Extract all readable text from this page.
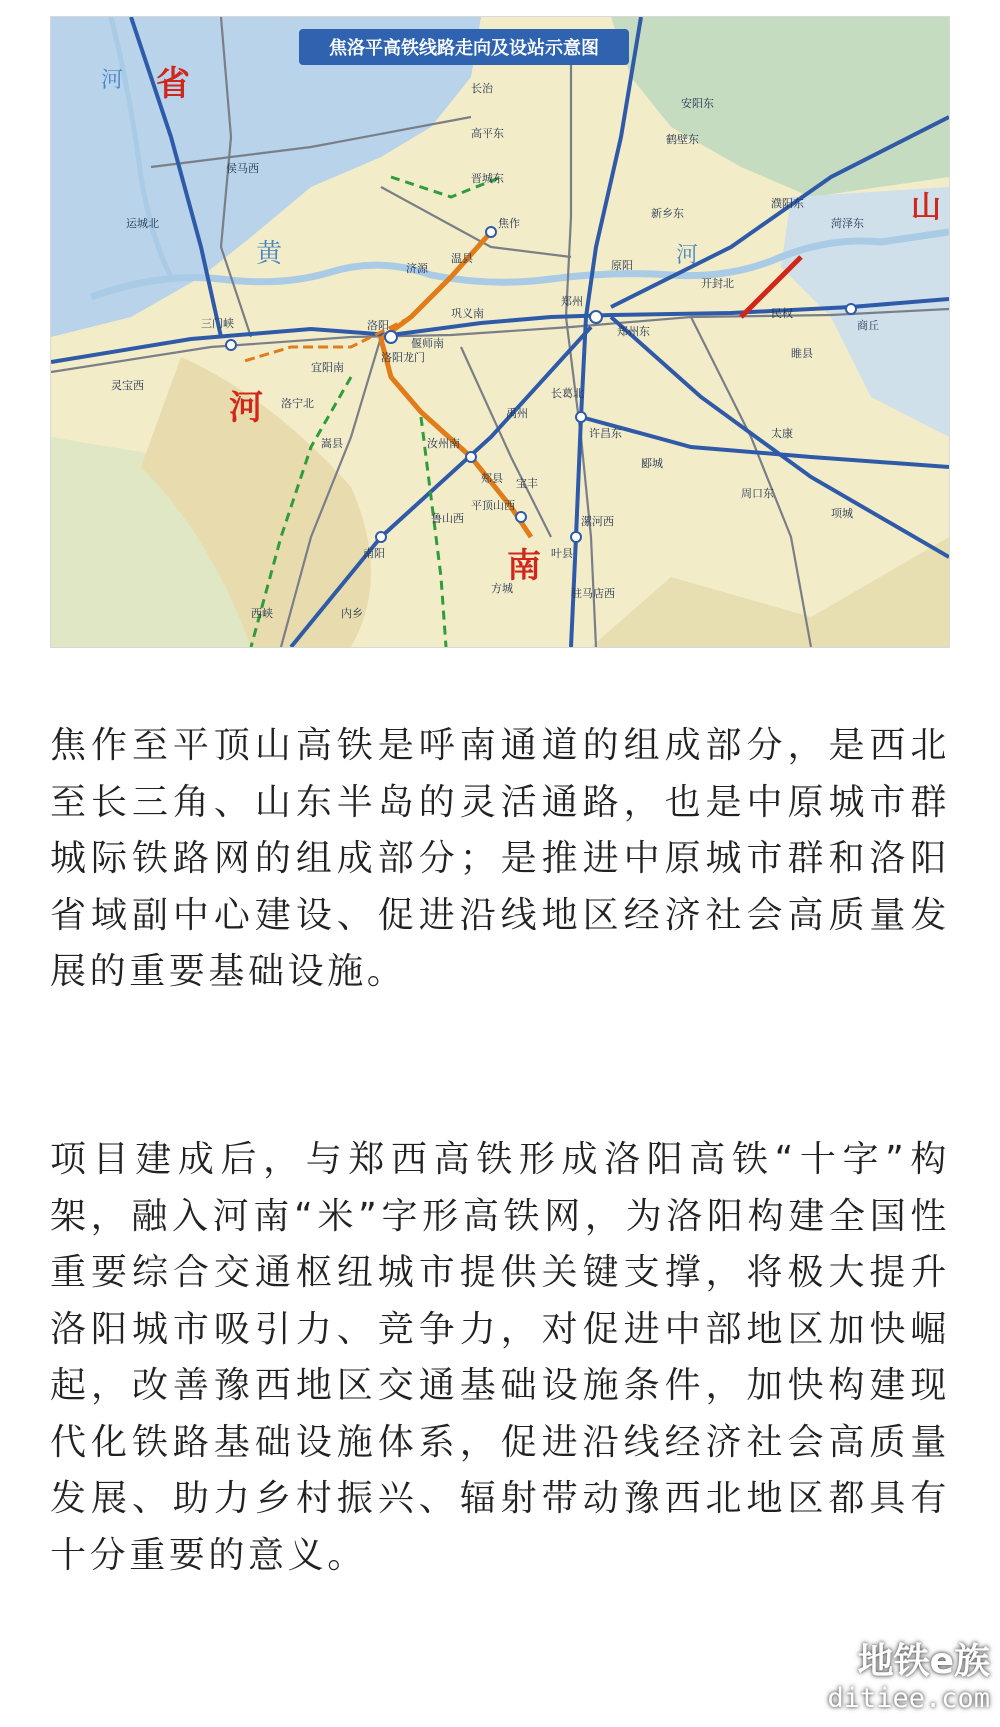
焦洛平高铁线路走向及设站示意图
省
河
南
山
黄
河
河
焦作
郑州
郑州东
洛阳
洛阳龙门
宜阳南
汝州南
平顶山西
许昌东
新乡东
安阳东
鹤壁东
三门峡
灵宝西
开封北
商丘
南阳
驻马店西
漯河西
周口东
巩义南
偃师南
洛宁北
嵩县
济源
温县
原阳
长葛北
禹州
郏县 宝丰
叶县
鲁山西
方城
西峡	内乡
侯马西
运城北
高平东
晋城东
长治
濮阳东
菏泽东
郾城
项城
太康
睢县
民权

焦作至平顶山高铁是呼南通道的组成部分，是西北至长三角、山东半岛的灵活通路，也是中原城市群城际铁路网的组成部分；是推进中原城市群和洛阳省域副中心建设、促进沿线地区经济社会高质量发展的重要基础设施。

项目建成后，与郑西高铁形成洛阳高铁“十字”构架，融入河南“米”字形高铁网，为洛阳构建全国性重要综合交通枢纽城市提供关键支撑，将极大提升洛阳城市吸引力、竞争力，对促进中部地区加快崛起，改善豫西地区交通基础设施条件，加快构建现代化铁路基础设施体系，促进沿线经济社会高质量发展、助力乡村振兴、辐射带动豫西北地区都具有十分重要的意义。

地铁e族
ditiee.com
